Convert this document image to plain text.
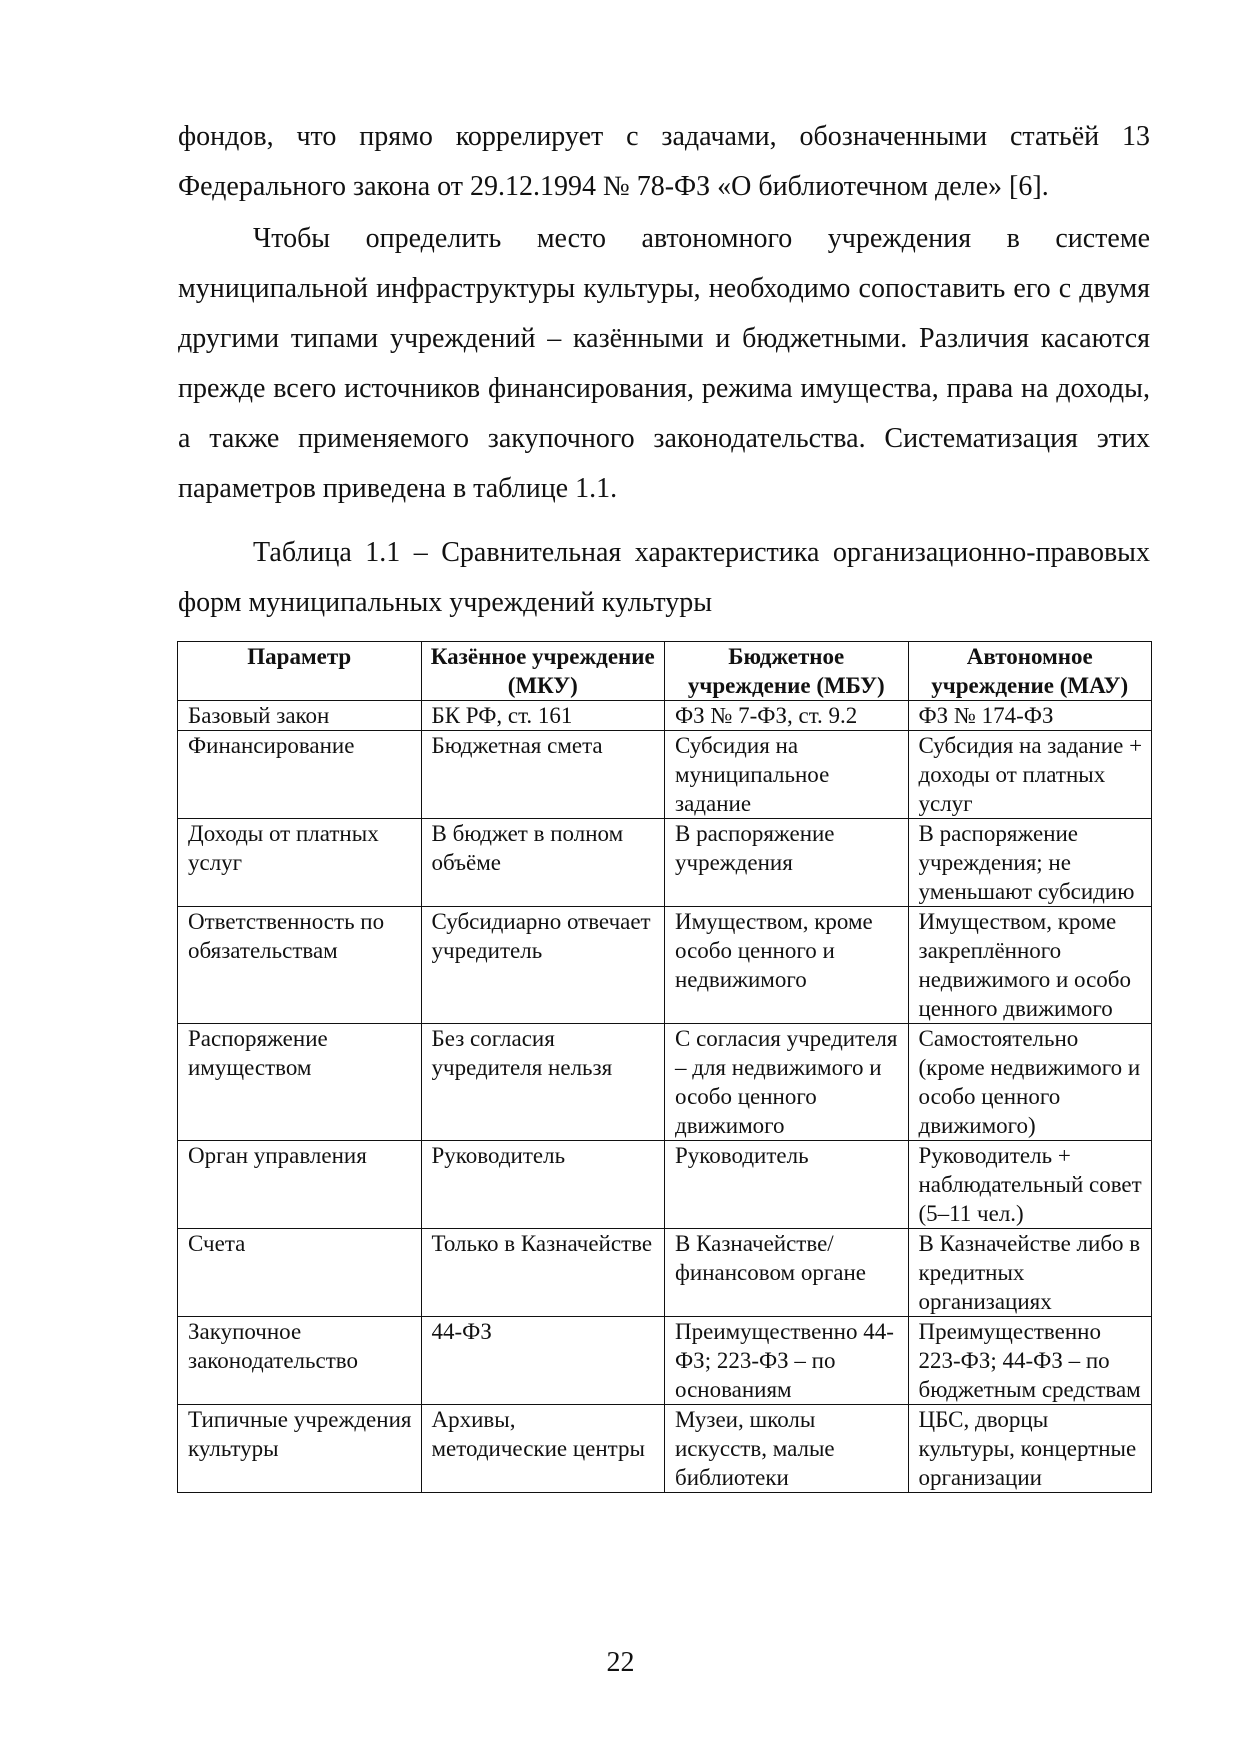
фондов, что прямо коррелирует с задачами, обозначенными статьёй 13 Федерального закона от 29.12.1994 № 78-ФЗ «О библиотечном деле» [6].

Чтобы определить место автономного учреждения в системе муниципальной инфраструктуры культуры, необходимо сопоставить его с двумя другими типами учреждений – казёнными и бюджетными. Различия касаются прежде всего источников финансирования, режима имущества, права на доходы, а также применяемого закупочного законодательства. Систематизация этих параметров приведена в таблице 1.1.

Таблица 1.1 – Сравнительная характеристика организационно-правовых форм муниципальных учреждений культуры

Параметр	Казённое учреждение (МКУ)	Бюджетное учреждение (МБУ)	Автономное учреждение (МАУ)
Базовый закон	БК РФ, ст. 161	ФЗ № 7-ФЗ, ст. 9.2	ФЗ № 174-ФЗ
Финансирование	Бюджетная смета	Субсидия на муниципальное задание	Субсидия на задание + доходы от платных услуг
Доходы от платных услуг	В бюджет в полном объёме	В распоряжение учреждения	В распоряжение учреждения; не уменьшают субсидию
Ответственность по обязательствам	Субсидиарно отвечает учредитель	Имуществом, кроме особо ценного и недвижимого	Имуществом, кроме закреплённого недвижимого и особо ценного движимого
Распоряжение имуществом	Без согласия учредителя нельзя	С согласия учредителя – для недвижимого и особо ценного движимого	Самостоятельно (кроме недвижимого и особо ценного движимого)
Орган управления	Руководитель	Руководитель	Руководитель + наблюдательный совет (5–11 чел.)
Счета	Только в Казначействе	В Казначействе/финансовом органе	В Казначействе либо в кредитных организациях
Закупочное законодательство	44-ФЗ	Преимущественно 44-ФЗ; 223-ФЗ – по основаниям	Преимущественно 223-ФЗ; 44-ФЗ – по бюджетным средствам
Типичные учреждения культуры	Архивы, методические центры	Музеи, школы искусств, малые библиотеки	ЦБС, дворцы культуры, концертные организации
22
